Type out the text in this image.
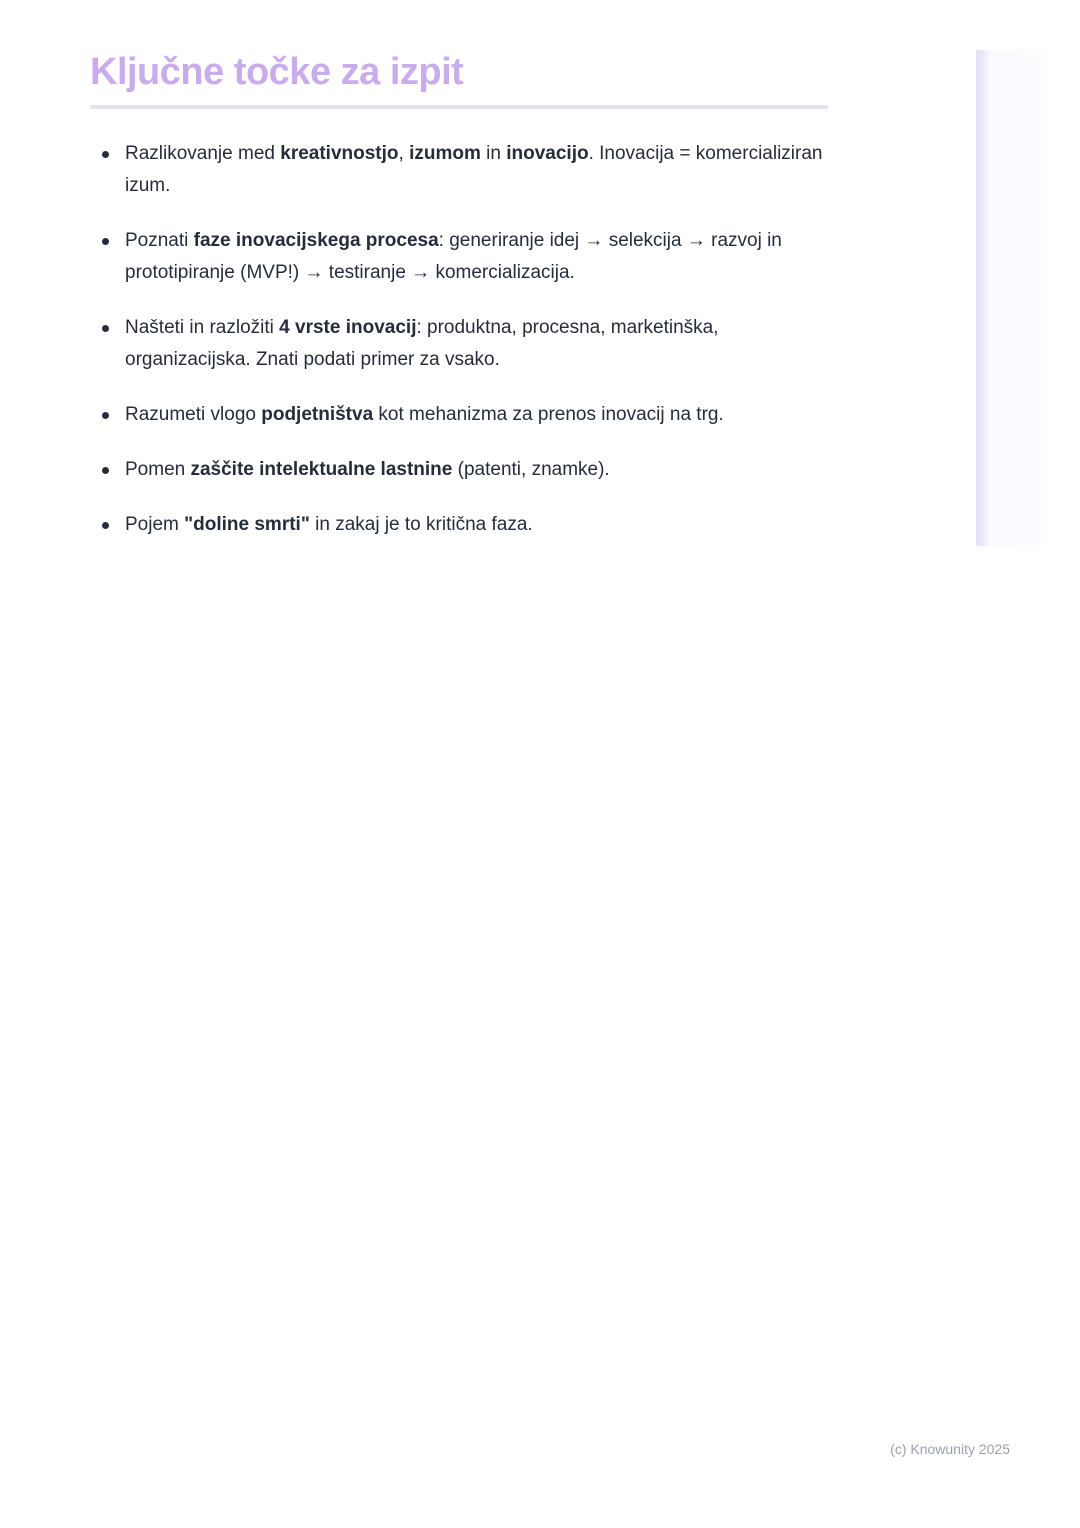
Ključne točke za izpit
Razlikovanje med kreativnostjo, izumom in inovacijo. Inovacija = komercializiran izum.
Poznati faze inovacijskega procesa: generiranje idej → selekcija → razvoj in prototipiranje (MVP!) → testiranje → komercializacija.
Našteti in razložiti 4 vrste inovacij: produktna, procesna, marketinška, organizacijska. Znati podati primer za vsako.
Razumeti vlogo podjetništva kot mehanizma za prenos inovacij na trg.
Pomen zaščite intelektualne lastnine (patenti, znamke).
Pojem "doline smrti" in zakaj je to kritična faza.
(c) Knowunity 2025
